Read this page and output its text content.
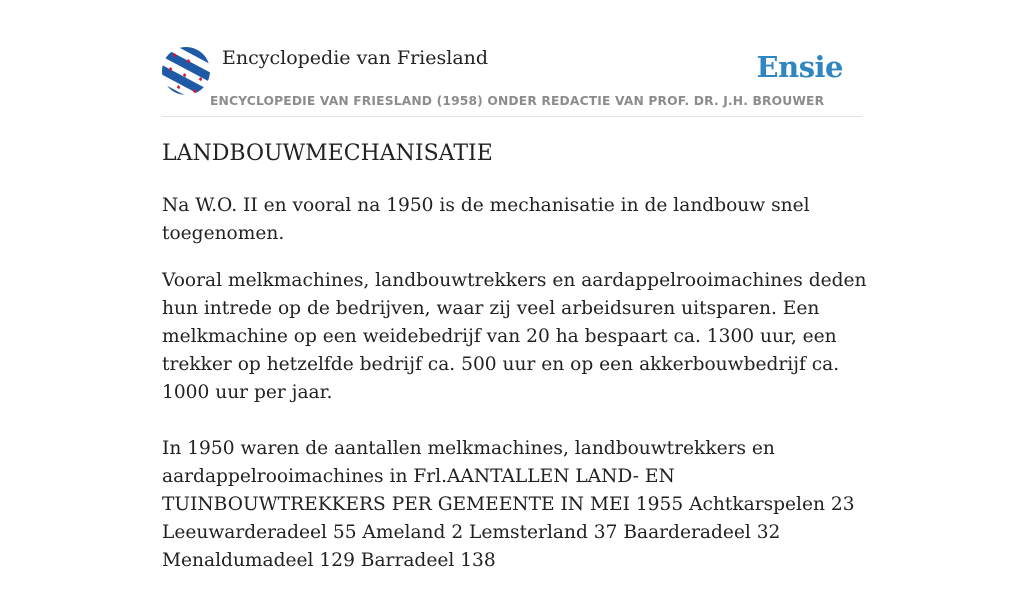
Encyclopedie van Friesland	Ensie
ENCYCLOPEDIE VAN FRIESLAND (1958) ONDER REDACTIE VAN PROF. DR. J.H. BROUWER
LANDBOUWMECHANISATIE

Na W.O. II en vooral na 1950 is de mechanisatie in de landbouw snel toegenomen.

Vooral melkmachines, landbouwtrekkers en aardappelrooimachines deden hun intrede op de bedrijven, waar zij veel arbeidsuren uitsparen. Een melkmachine op een weidebedrijf van 20 ha bespaart ca. 1300 uur, een trekker op hetzelfde bedrijf ca. 500 uur en op een akkerbouwbedrijf ca. 1000 uur per jaar.

In 1950 waren de aantallen melkmachines, landbouwtrekkers en aardappelrooimachines in Frl.AANTALLEN LAND- EN TUINBOUWTREKKERS PER GEMEENTE IN MEI 1955 Achtkarspelen 23 Leeuwarderadeel 55 Ameland 2 Lemsterland 37 Baarderadeel 32 Menaldumadeel 129 Barradeel 138
